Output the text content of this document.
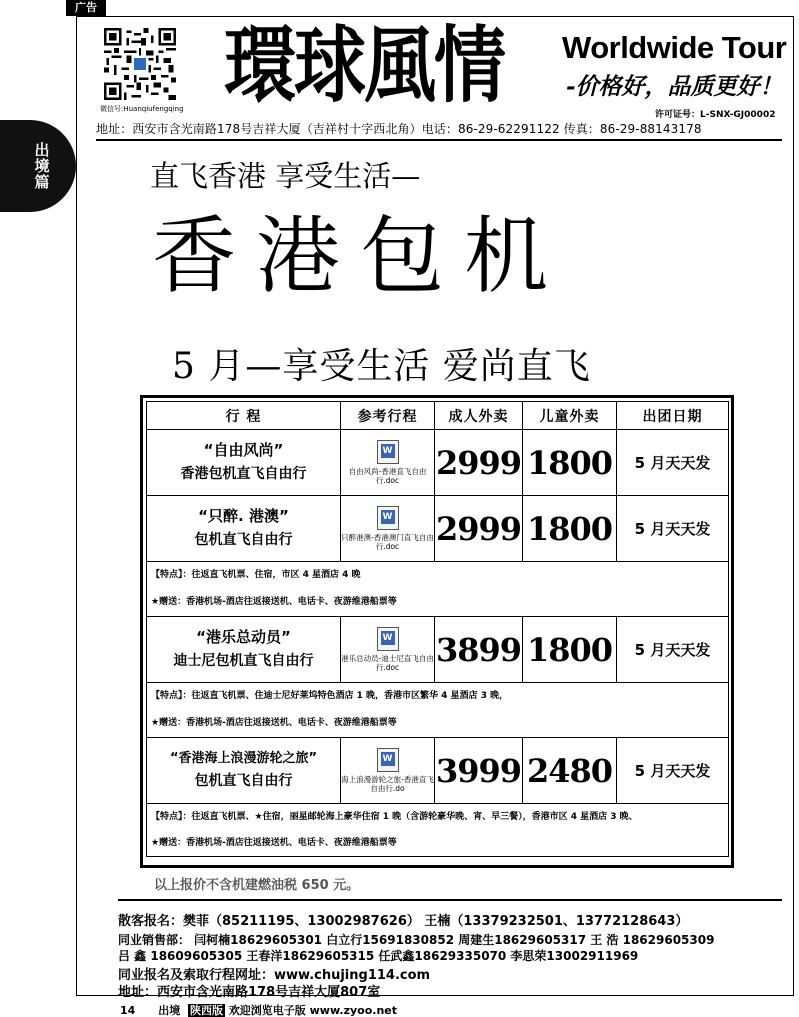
广告
出境篇
微信号:Huanqiufengqing 環球風情 Worldwide Tour
-价格好，品质更好！
许可证号：L-SNX-GJ00002
地址：西安市含光南路178号吉祥大厦（吉祥村十字西北角）电话：86-29-62291122 传真：86-29-88143178
直飞香港 享受生活—
香港包机
5 月—享受生活 爱尚直飞
行 程	参考行程	成人外卖	儿童外卖	出团日期

“自由风尚”
香港包机直飞自由行	
W
自由风尚-香港直飞自由行.doc	2999	1800	5 月天天发

“只醉. 港澳”
包机直飞自由行	
W
只醉港澳-香港澳门直飞自由行.doc	2999	1800	5 月天天发

【特点】：往返直飞机票、住宿，市区 4 星酒店 4 晚
★赠送：香港机场-酒店往返接送机、电话卡、夜游维港船票等				

“港乐总动员”
迪士尼包机直飞自由行	
W
港乐总动员-迪士尼直飞自由行.doc	3899	1800	5 月天天发

【特点】：往返直飞机票、住迪士尼好莱坞特色酒店 1 晚，香港市区繁华 4 星酒店 3 晚，
★赠送：香港机场-酒店往返接送机、电话卡、夜游维港船票等				

“香港海上浪漫游轮之旅”
包机直飞自由行	
W
海上浪漫游轮之旅-香港直飞自由行.do	3999	2480	5 月天天发

【特点】：往返直飞机票、★住宿，丽星邮轮海上豪华住宿 1 晚（含游轮豪华晚、宵、早三餐），香港市区 4 星酒店 3 晚、
★赠送：香港机场-酒店往返接送机、电话卡、夜游维港船票等				
以上报价不含机建燃油税 650 元。
散客报名：樊菲（85211195、13002987626） 王楠（13379232501、13772128643）
同业销售部： 闫柯楠18629605301 白立行15691830852 周建生18629605317 王 浩 18629605309
吕 鑫 18609605305 王春洋18629605315 任武鑫18629335070 李思荣13002911969
同业报名及索取行程网址：www.chujing114.com
地址：西安市含光南路178号吉祥大厦807室
14 出境 陕西版 欢迎浏览电子版 www.zyoo.net
